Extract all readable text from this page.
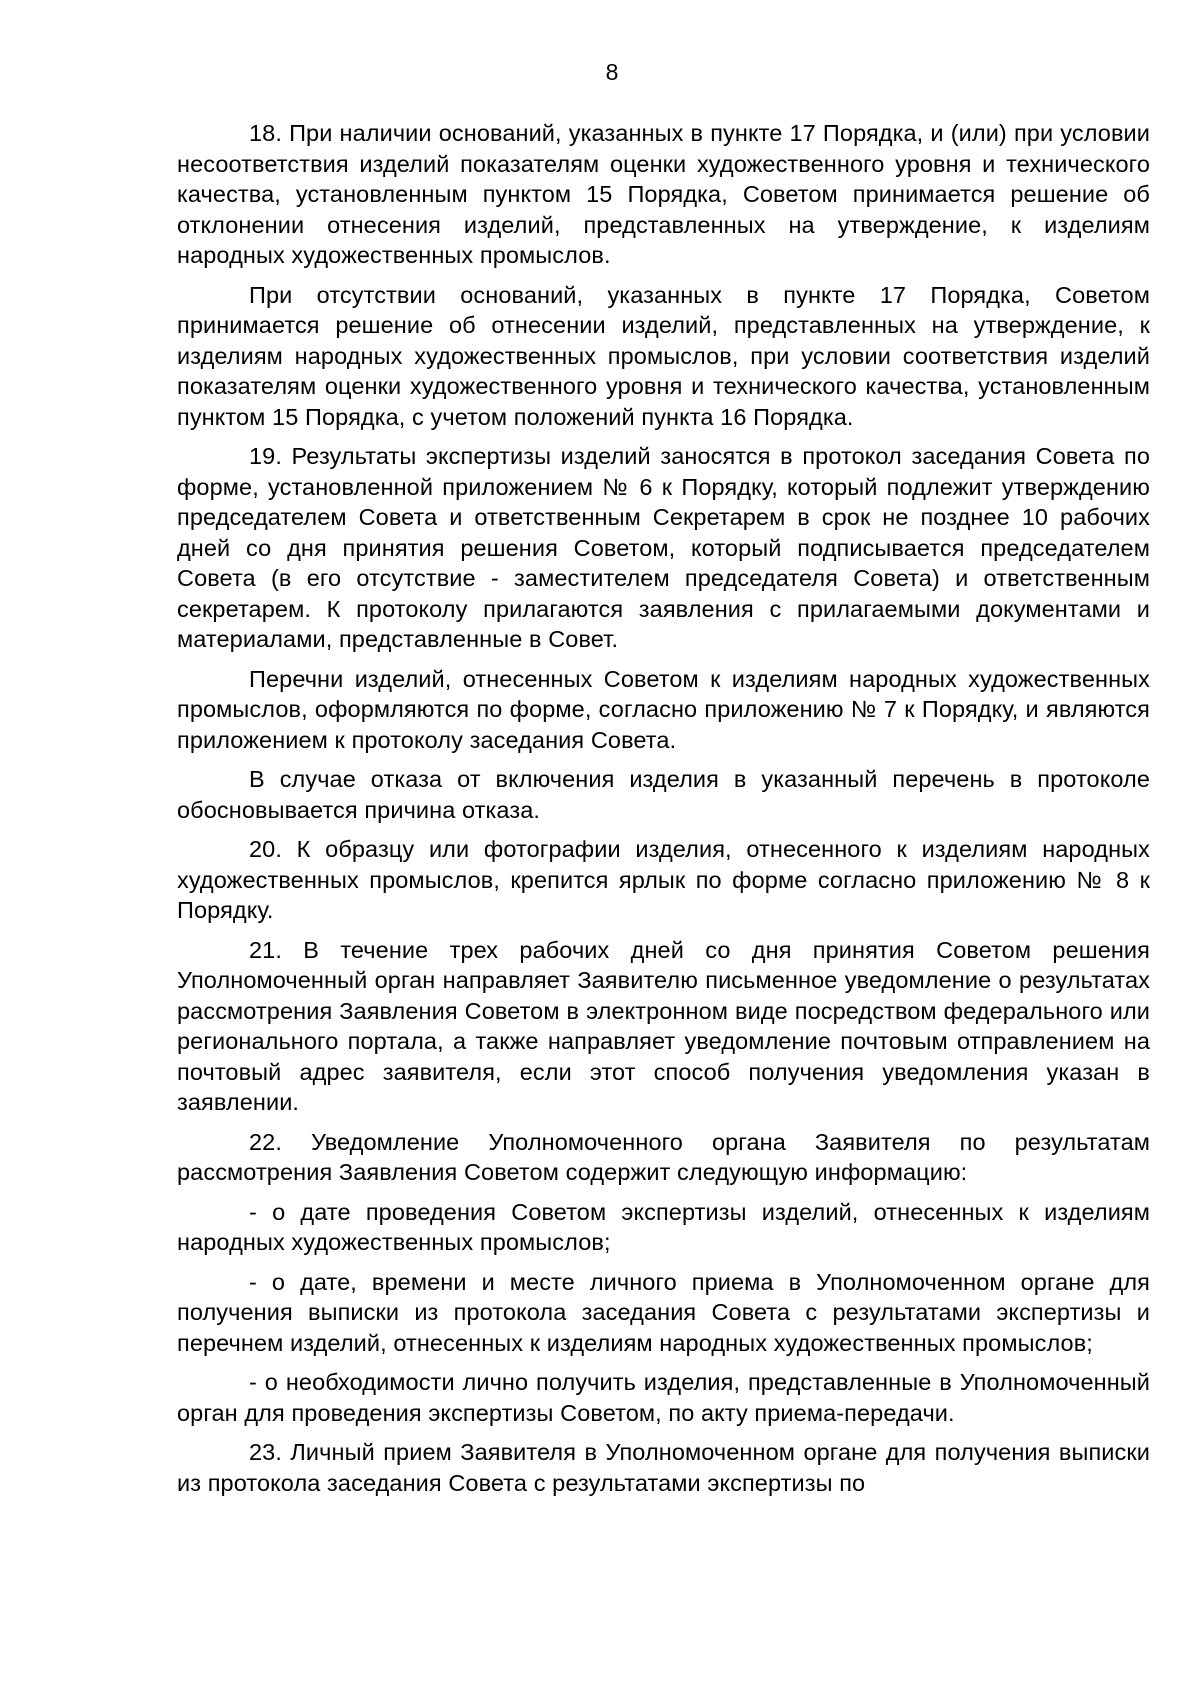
8

18. При наличии оснований, указанных в пункте 17 Порядка, и (или) при условии несоответствия изделий показателям оценки художественного уровня и технического качества, установленным пунктом 15 Порядка, Советом принимается решение об отклонении отнесения изделий, представленных на утверждение, к изделиям народных художественных промыслов.

При отсутствии оснований, указанных в пункте 17 Порядка, Советом принимается решение об отнесении изделий, представленных на утверждение, к изделиям народных художественных промыслов, при условии соответствия изделий показателям оценки художественного уровня и технического качества, установленным пунктом 15 Порядка, с учетом положений пункта 16 Порядка.

19. Результаты экспертизы изделий заносятся в протокол заседания Совета по форме, установленной приложением № 6 к Порядку, который подлежит утверждению председателем Совета и ответственным Секретарем в срок не позднее 10 рабочих дней со дня принятия решения Советом, который подписывается председателем Совета (в его отсутствие - заместителем председателя Совета) и ответственным секретарем. К протоколу прилагаются заявления с прилагаемыми документами и материалами, представленные в Совет.

Перечни изделий, отнесенных Советом к изделиям народных художественных промыслов, оформляются по форме, согласно приложению № 7 к Порядку, и являются приложением к протоколу заседания Совета.

В случае отказа от включения изделия в указанный перечень в протоколе обосновывается причина отказа.

20. К образцу или фотографии изделия, отнесенного к изделиям народных художественных промыслов, крепится ярлык по форме согласно приложению № 8 к Порядку.

21. В течение трех рабочих дней со дня принятия Советом решения Уполномоченный орган направляет Заявителю письменное уведомление о результатах рассмотрения Заявления Советом в электронном виде посредством федерального или регионального портала, а также направляет уведомление почтовым отправлением на почтовый адрес заявителя, если этот способ получения уведомления указан в заявлении.

22. Уведомление Уполномоченного органа Заявителя по результатам рассмотрения Заявления Советом содержит следующую информацию:

- о дате проведения Советом экспертизы изделий, отнесенных к изделиям народных художественных промыслов;

- о дате, времени и месте личного приема в Уполномоченном органе для получения выписки из протокола заседания Совета с результатами экспертизы и перечнем изделий, отнесенных к изделиям народных художественных промыслов;

- о необходимости лично получить изделия, представленные в Уполномоченный орган для проведения экспертизы Советом, по акту приема-передачи.

23. Личный прием Заявителя в Уполномоченном органе для получения выписки из протокола заседания Совета с результатами экспертизы по
